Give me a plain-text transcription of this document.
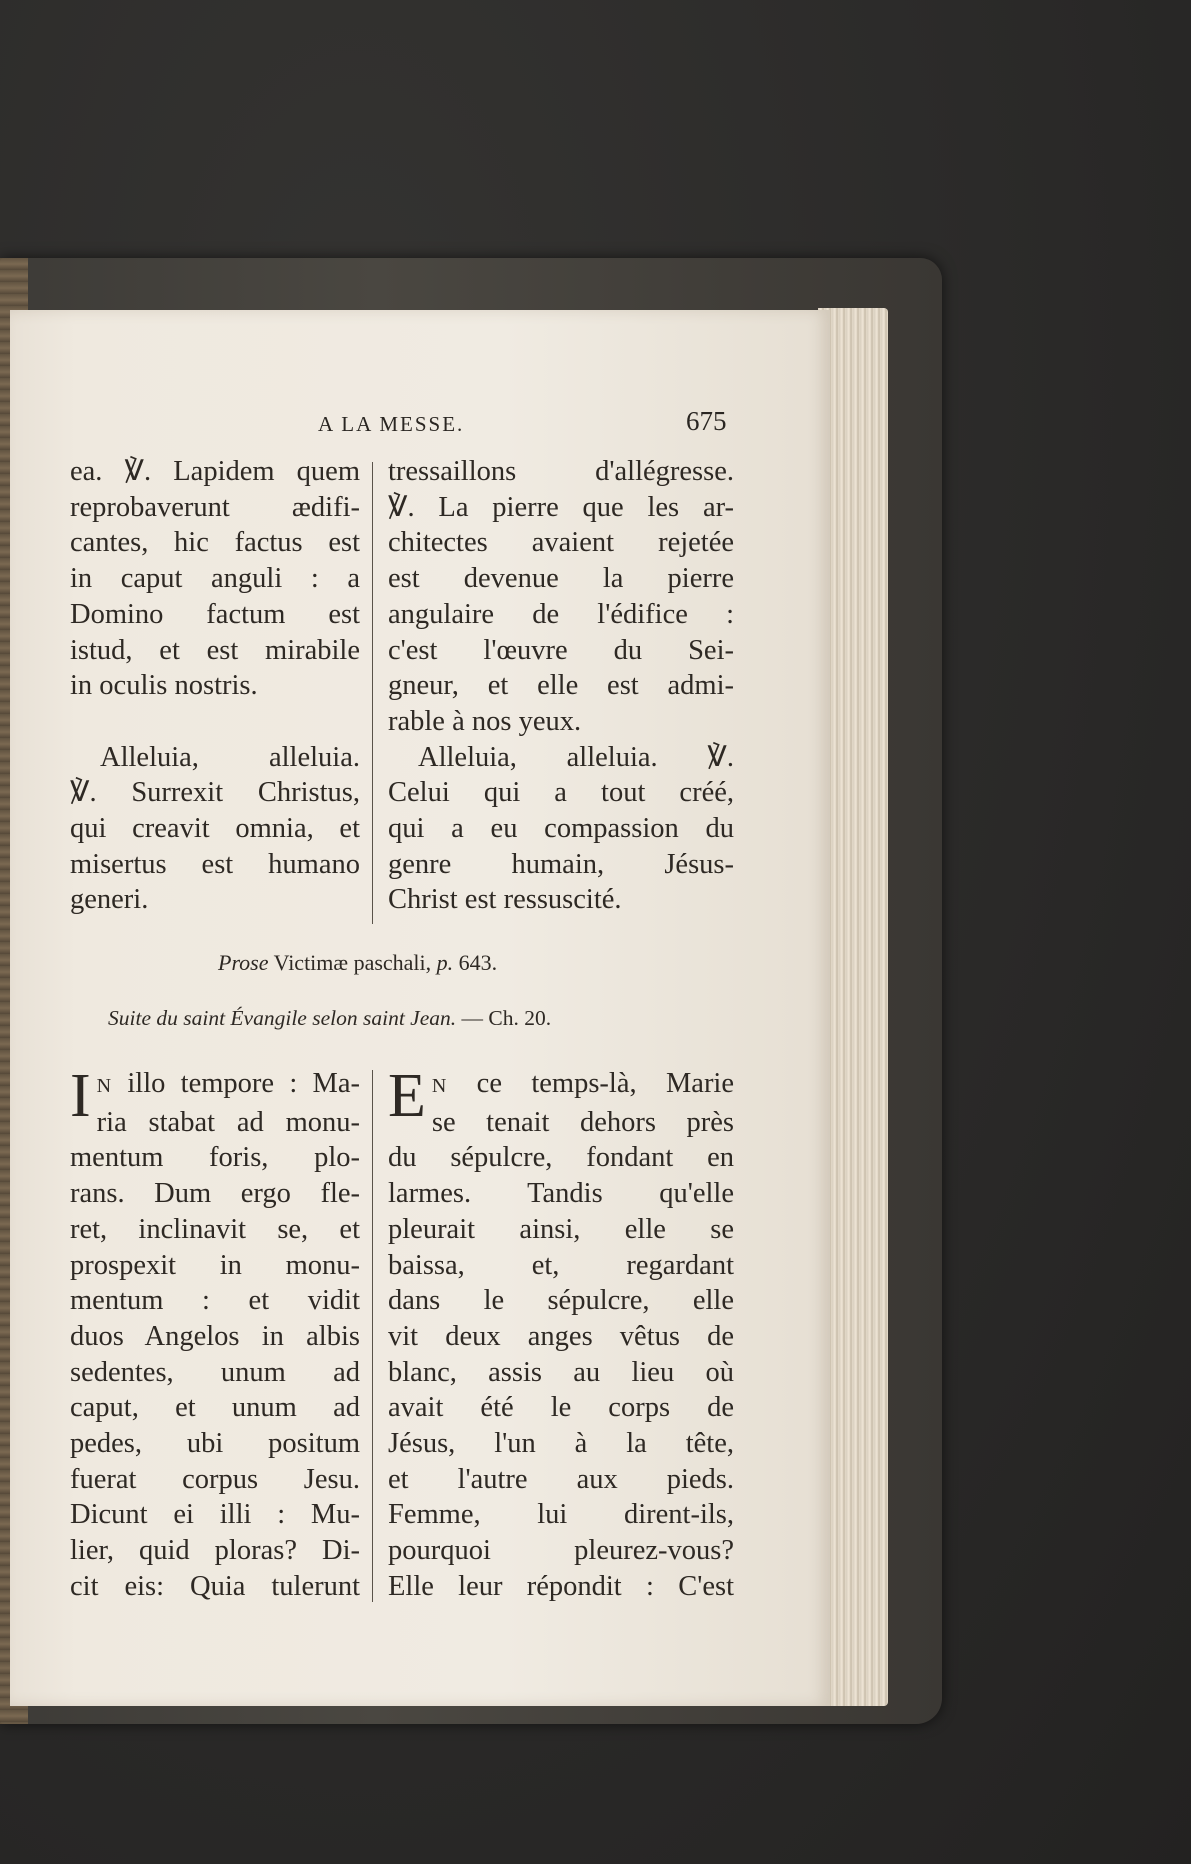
A LA MESSE.	675
ea. ℣. Lapidem quem
reprobaverunt ædifi-
cantes, hic factus est
in caput anguli : a
Domino factum est
istud, et est mirabile
in oculis nostris.

Alleluia, alleluia.
℣. Surrexit Christus,
qui creavit omnia, et
misertus est humano
generi.
tressaillons d'allégresse.
℣. La pierre que les ar-
chitectes avaient rejetée
est devenue la pierre
angulaire de l'édifice :
c'est l'œuvre du Sei-
gneur, et elle est admi-
rable à nos yeux.
Alleluia, alleluia. ℣.
Celui qui a tout créé,
qui a eu compassion du
genre humain, Jésus-
Christ est ressuscité.
Prose Victimæ paschali, p. 643.
Suite du saint Évangile selon saint Jean. — Ch. 20.
I N illo tempore : Ma-
ria stabat ad monu-
mentum foris, plo-
rans. Dum ergo fle-
ret, inclinavit se, et
prospexit in monu-
mentum : et vidit
duos Angelos in albis
sedentes, unum ad
caput, et unum ad
pedes, ubi positum
fuerat corpus Jesu.
Dicunt ei illi : Mu-
lier, quid ploras? Di-
cit eis: Quia tulerunt
E N ce temps-là, Marie
se tenait dehors près
du sépulcre, fondant en
larmes. Tandis qu'elle
pleurait ainsi, elle se
baissa, et, regardant
dans le sépulcre, elle
vit deux anges vêtus de
blanc, assis au lieu où
avait été le corps de
Jésus, l'un à la tête,
et l'autre aux pieds.
Femme, lui dirent-ils,
pourquoi pleurez-vous?
Elle leur répondit : C'est
